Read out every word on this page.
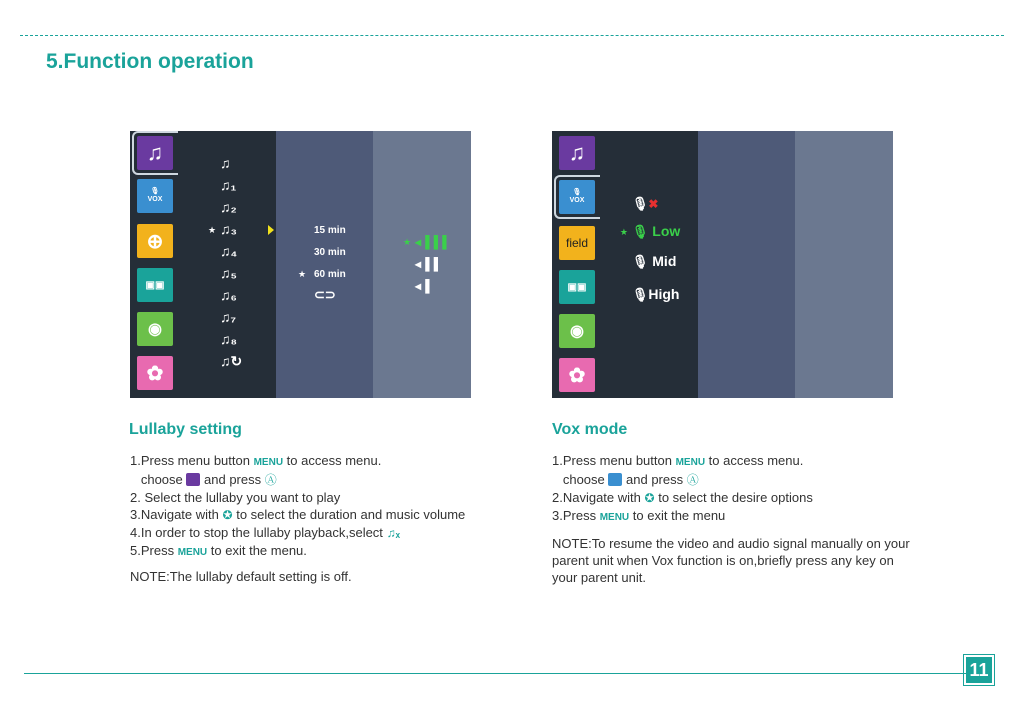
5.Function operation
♫
🎙
VOX
⊕
▣▣
◉
✿
♫
♫₁
♫₂
★ ♫₃
♫₄
♫₅
♫₆
♫₇
♫₈
♫↻
15 min
30 min
★ 60 min
⊂⊃
★ ◂▐▐▐
◂▐▐
◂▐
♫
🎙
VOX
field
▣▣
◉
✿
🎙✖
★ 🎙 Low
🎙 Mid
🎙High
Lullaby setting
1.Press menu button MENU to access menu.
choose and press Ⓐ
2. Select the lullaby you want to play
3.Navigate with ✪ to select the duration and music volume
4.In order to stop the lullaby playback,select ♫ₓ
5.Press MENU to exit the menu.
NOTE:The lullaby default setting is off.
Vox mode
1.Press menu button MENU to access menu.
choose and press Ⓐ
2.Navigate with ✪ to select the desire options
3.Press MENU to exit the menu
NOTE:To resume the video and audio signal manually on your
parent unit when Vox function is on,briefly press any key on
your parent unit.
11
